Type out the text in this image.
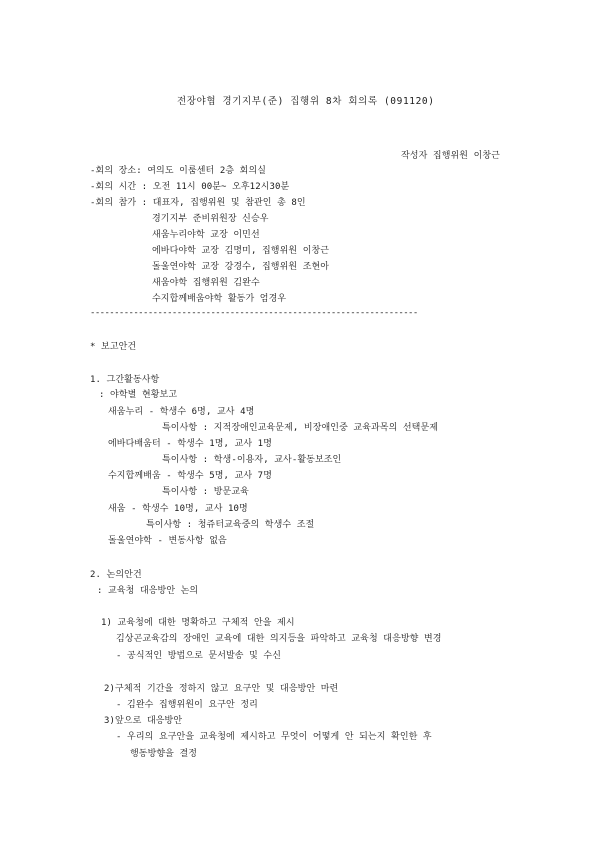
전장야협 경기지부(준) 집행위 8차 회의록 (091120)
작성자 집행위원 이창근
-회의 장소: 여의도 이룸센터 2층 회의실
-회의 시간 : 오전 11시 00분~ 오후12시30분
-회의 참가 : 대표자, 집행위원 및 참관인 총 8인
경기지부 준비위원장 신승우
새움누리야학 교장 이민선
에바다야학 교장 김명미, 집행위원 이창근
돌울연야학 교장 강경수, 집행위원 조현아
새움야학 집행위원 김완수
수지합께배움야학 활동가 엄경우
--------------------------------------------------------------------
* 보고안건
1. 그간활동사항
: 야학별 현황보고
새움누리 - 학생수 6명, 교사 4명
특이사항 : 지적장애인교육문제, 비장애인중 교육과목의 선택문제
에바다배움터 - 학생수 1명, 교사 1명
특이사항 : 학생-이용자, 교사-활동보조인
수지합께배움 - 학생수 5명, 교사 7명
특이사항 : 방문교육
새움 - 학생수 10명, 교사 10명
특이사항 : 청쥬터교육중의 학생수 조절
돌울연야학 - 변동사항 없음
2. 논의안건
: 교육청 대응방안 논의
1) 교육청에 대한 명확하고 구체적 안을 제시
김상곤교육감의 장애인 교육에 대한 의지등을 파악하고 교육청 대응방향 변경
- 공식적인 방법으로 문서발송 및 수신
2)구체적 기간을 정하지 않고 요구안 및 대응방안 마련
- 김완수 집행위원이 요구안 정리
3)앞으로 대응방안
- 우리의 요구안을 교육청에 제시하고 무엇이 어떻게 안 되는지 확인한 후
행동방향을 결정
